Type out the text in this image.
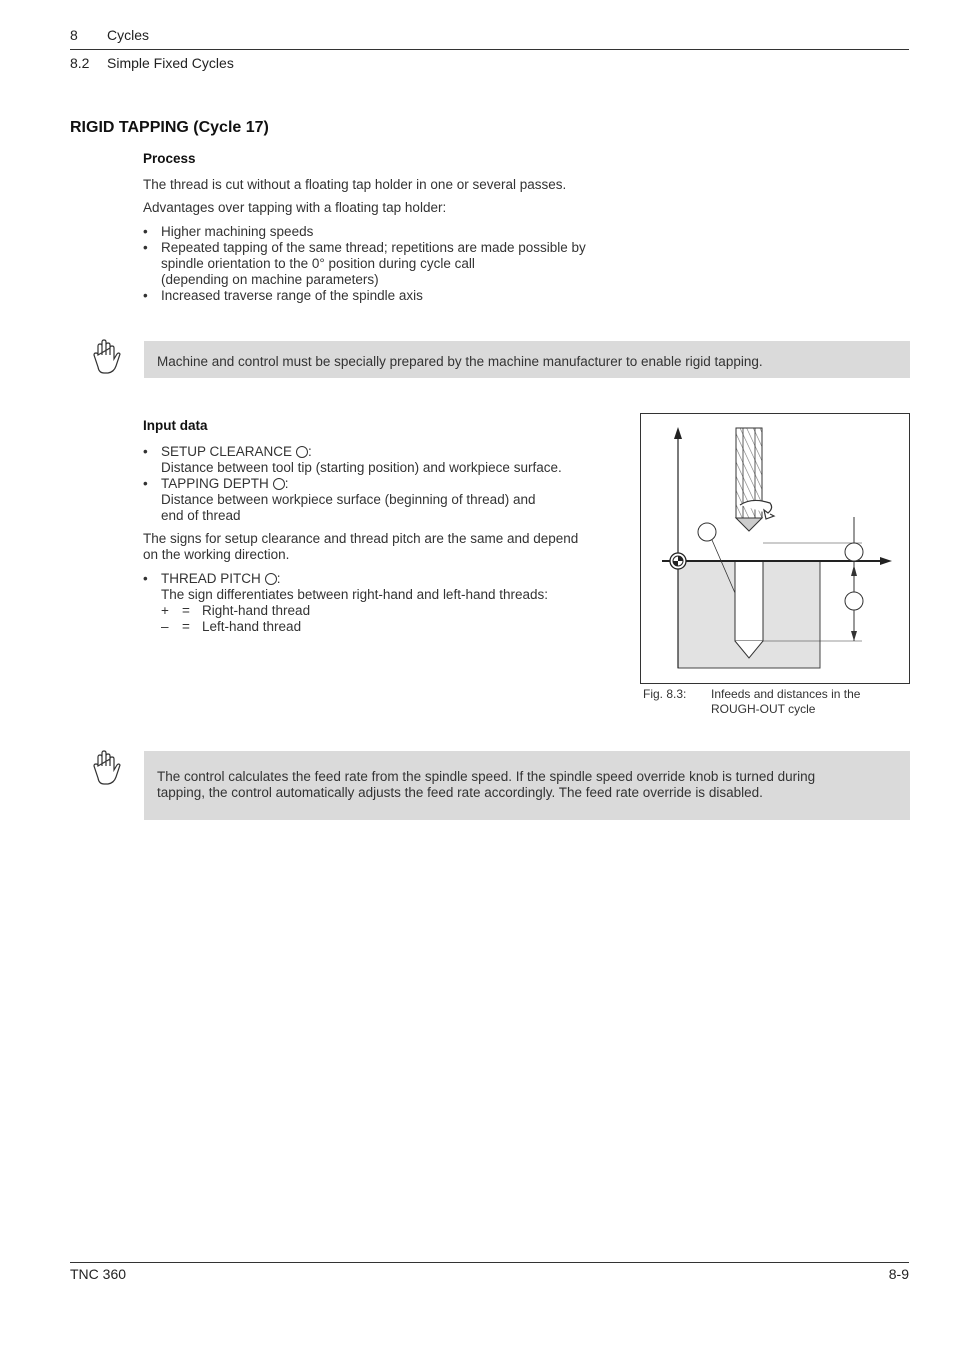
8 Cycles
8.2 Simple Fixed Cycles
RIGID TAPPING (Cycle 17)
Process
The thread is cut without a floating tap holder in one or several passes.
Advantages over tapping with a floating tap holder:
• Higher machining speeds
• Repeated tapping of the same thread; repetitions are made possible by
spindle orientation to the 0° position during cycle call
(depending on machine parameters)
• Increased traverse range of the spindle axis
Machine and control must be specially prepared by the machine manufacturer to enable rigid tapping.
Input data
• SETUP CLEARANCE :
Distance between tool tip (starting position) and workpiece surface.
• TAPPING DEPTH :
Distance between workpiece surface (beginning of thread) and
end of thread
The signs for setup clearance and thread pitch are the same and depend
on the working direction.
• THREAD PITCH :
The sign differentiates between right-hand and left-hand threads:
+ = Right-hand thread
– = Left-hand thread
Fig. 8.3: Infeeds and distances in the
ROUGH-OUT cycle
The control calculates the feed rate from the spindle speed. If the spindle speed override knob is turned during
tapping, the control automatically adjusts the feed rate accordingly. The feed rate override is disabled.
TNC 360	8-9
